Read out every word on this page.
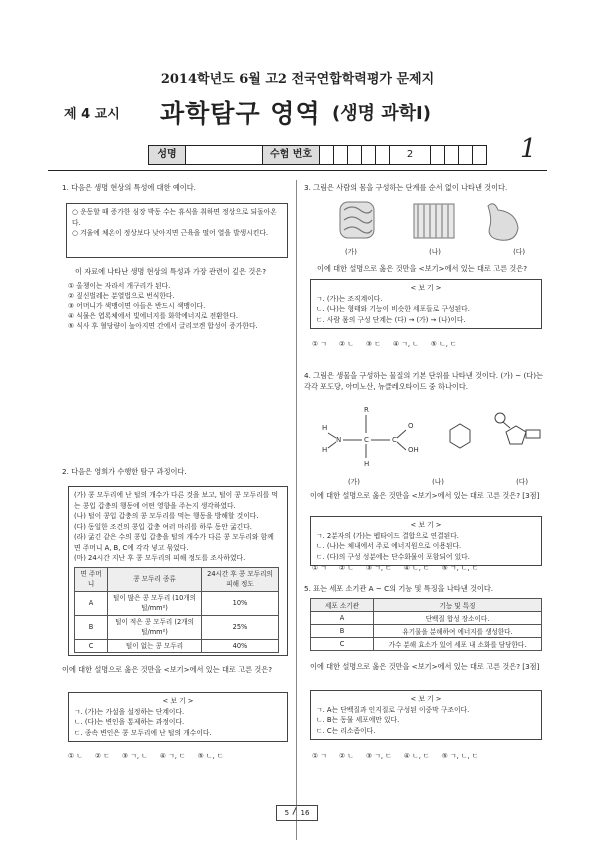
2014학년도 6월 고2 전국연합학력평가 문제지
제 4 교시 과학탐구 영역 (생명 과학Ⅰ)
성명	수험 번호	2	1
1. 다음은 생명 현상의 특성에 대한 예이다.
○ 운동할 때 증가한 심장 박동 수는 휴식을 취하면 정상으로 되돌아온다.
○ 겨울에 체온이 정상보다 낮아지면 근육을 떨어 열을 발생시킨다.
이 자료에 나타난 생명 현상의 특성과 가장 관련이 깊은 것은?
① 올챙이는 자라서 개구리가 된다.
② 짚신벌레는 분열법으로 번식한다.
③ 어머니가 색맹이면 아들은 반드시 색맹이다.
④ 식물은 엽록체에서 빛에너지를 화학에너지로 전환한다.
⑤ 식사 후 혈당량이 높아지면 간에서 글리코겐 합성이 증가한다.
2. 다음은 영희가 수행한 탐구 과정이다.
(가) 콩 모두리에 난 털의 개수가 다른 것을 보고, 털이 콩 모두리를 먹는 콩입 갑충의 행동에 어떤 영향을 주는지 생각하였다.
(나) 털이 콩입 갑충의 콩 모두리를 먹는 행동을 방해할 것이다.
(다) 동일한 조건의 콩입 갑충 여러 마리를 하루 동안 굶긴다.
(라) 굶긴 같은 수의 콩입 갑충을 털의 개수가 다른 콩 모두리와 함께 면 주머니 A, B, C에 각각 넣고 묶었다.
(마) 24시간 지난 후 콩 모두리의 피해 정도를 조사하였다.
면 주머니	콩 모두리 종류	24시간 후 콩 모두리의 피해 정도
A	털이 많은 콩 모두리 (10개의 털/mm²)	10%
B	털이 적은 콩 모두리 (2개의 털/mm²)	25%
C	털이 없는 콩 모두리	40%
이에 대한 설명으로 옳은 것만을 <보기>에서 있는 대로 고른 것은?
< 보 기 >
ㄱ. (가)는 가설을 설정하는 단계이다.
ㄴ. (다)는 변인을 통제하는 과정이다.
ㄷ. 종속 변인은 콩 모두리에 난 털의 개수이다.
① ㄴ ② ㄷ ③ ㄱ, ㄴ ④ ㄱ, ㄷ ⑤ ㄴ, ㄷ
3. 그림은 사람의 몸을 구성하는 단계를 순서 없이 나타낸 것이다.
(가)	(나)	(다)
이에 대한 설명으로 옳은 것만을 <보기>에서 있는 대로 고른 것은?
< 보 기 >
ㄱ. (가)는 조직계이다.
ㄴ. (나)는 형태와 기능이 비슷한 세포들로 구성된다.
ㄷ. 사람 몸의 구성 단계는 (다) → (가) → (나)이다.
① ㄱ ② ㄴ ③ ㄷ ④ ㄱ, ㄴ ⑤ ㄴ, ㄷ
4. 그림은 생물을 구성하는 물질의 기본 단위를 나타낸 것이다. (가) ~ (다)는 각각 포도당, 아미노산, 뉴클레오타이드 중 하나이다.
H
H
N	C
R
H
C
OH
O
(가)	(나)	(다)
이에 대한 설명으로 옳은 것만을 <보기>에서 있는 대로 고른 것은? [3점]
< 보 기 >
ㄱ. 2분자의 (가)는 펩타이드 결합으로 연결된다.
ㄴ. (나)는 체내에서 주로 에너지원으로 이용된다.
ㄷ. (다)의 구성 성분에는 단수화물이 포함되어 있다.
① ㄱ ② ㄴ ③ ㄱ, ㄷ ④ ㄴ, ㄷ ⑤ ㄱ, ㄴ, ㄷ
5. 표는 세포 소기관 A ~ C의 기능 및 특징을 나타낸 것이다.
세포 소기관	기능 및 특징
A	단백질 합성 장소이다.
B	유기물을 분해하여 에너지를 생성한다.
C	가수 분해 효소가 있어 세포 내 소화를 담당한다.
이에 대한 설명으로 옳은 것만을 <보기>에서 있는 대로 고른 것은? [3점]
< 보 기 >
ㄱ. A는 단백질과 인지질로 구성된 이중막 구조이다.
ㄴ. B는 동물 세포에만 있다.
ㄷ. C는 리소좀이다.
① ㄱ ② ㄴ ③ ㄱ, ㄷ ④ ㄴ, ㄷ ⑤ ㄱ, ㄴ, ㄷ
5 16
